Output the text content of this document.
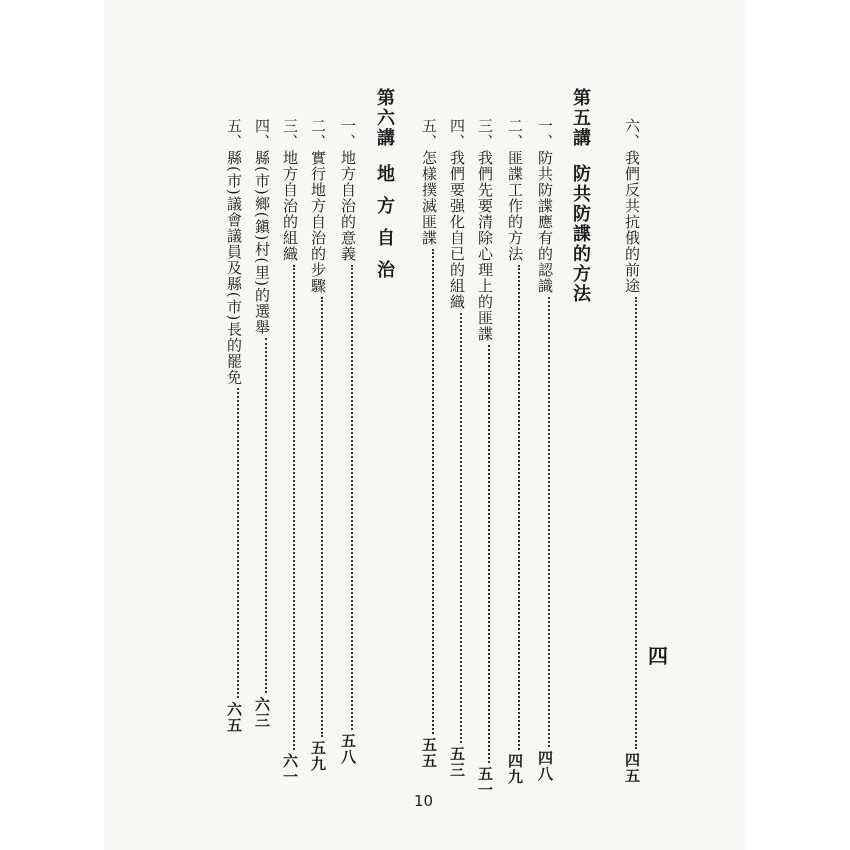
六、我們反共抗俄的前途四五
第五講防共防諜的方法
一、防共防諜應有的認識四八
二、匪諜工作的方法四九
三、我們先要清除心理上的匪諜五一
四、我們要强化自已的組織五三
五、怎樣撲滅匪諜五五
第六講地方自治
一、地方自治的意義五八
二、實行地方自治的步驟五九
三、地方自治的組織六一
四、縣(市)鄉(鎭)村(里)的選舉六三
五、縣(市)議會議員及縣(市)長的罷免六五
四
10
